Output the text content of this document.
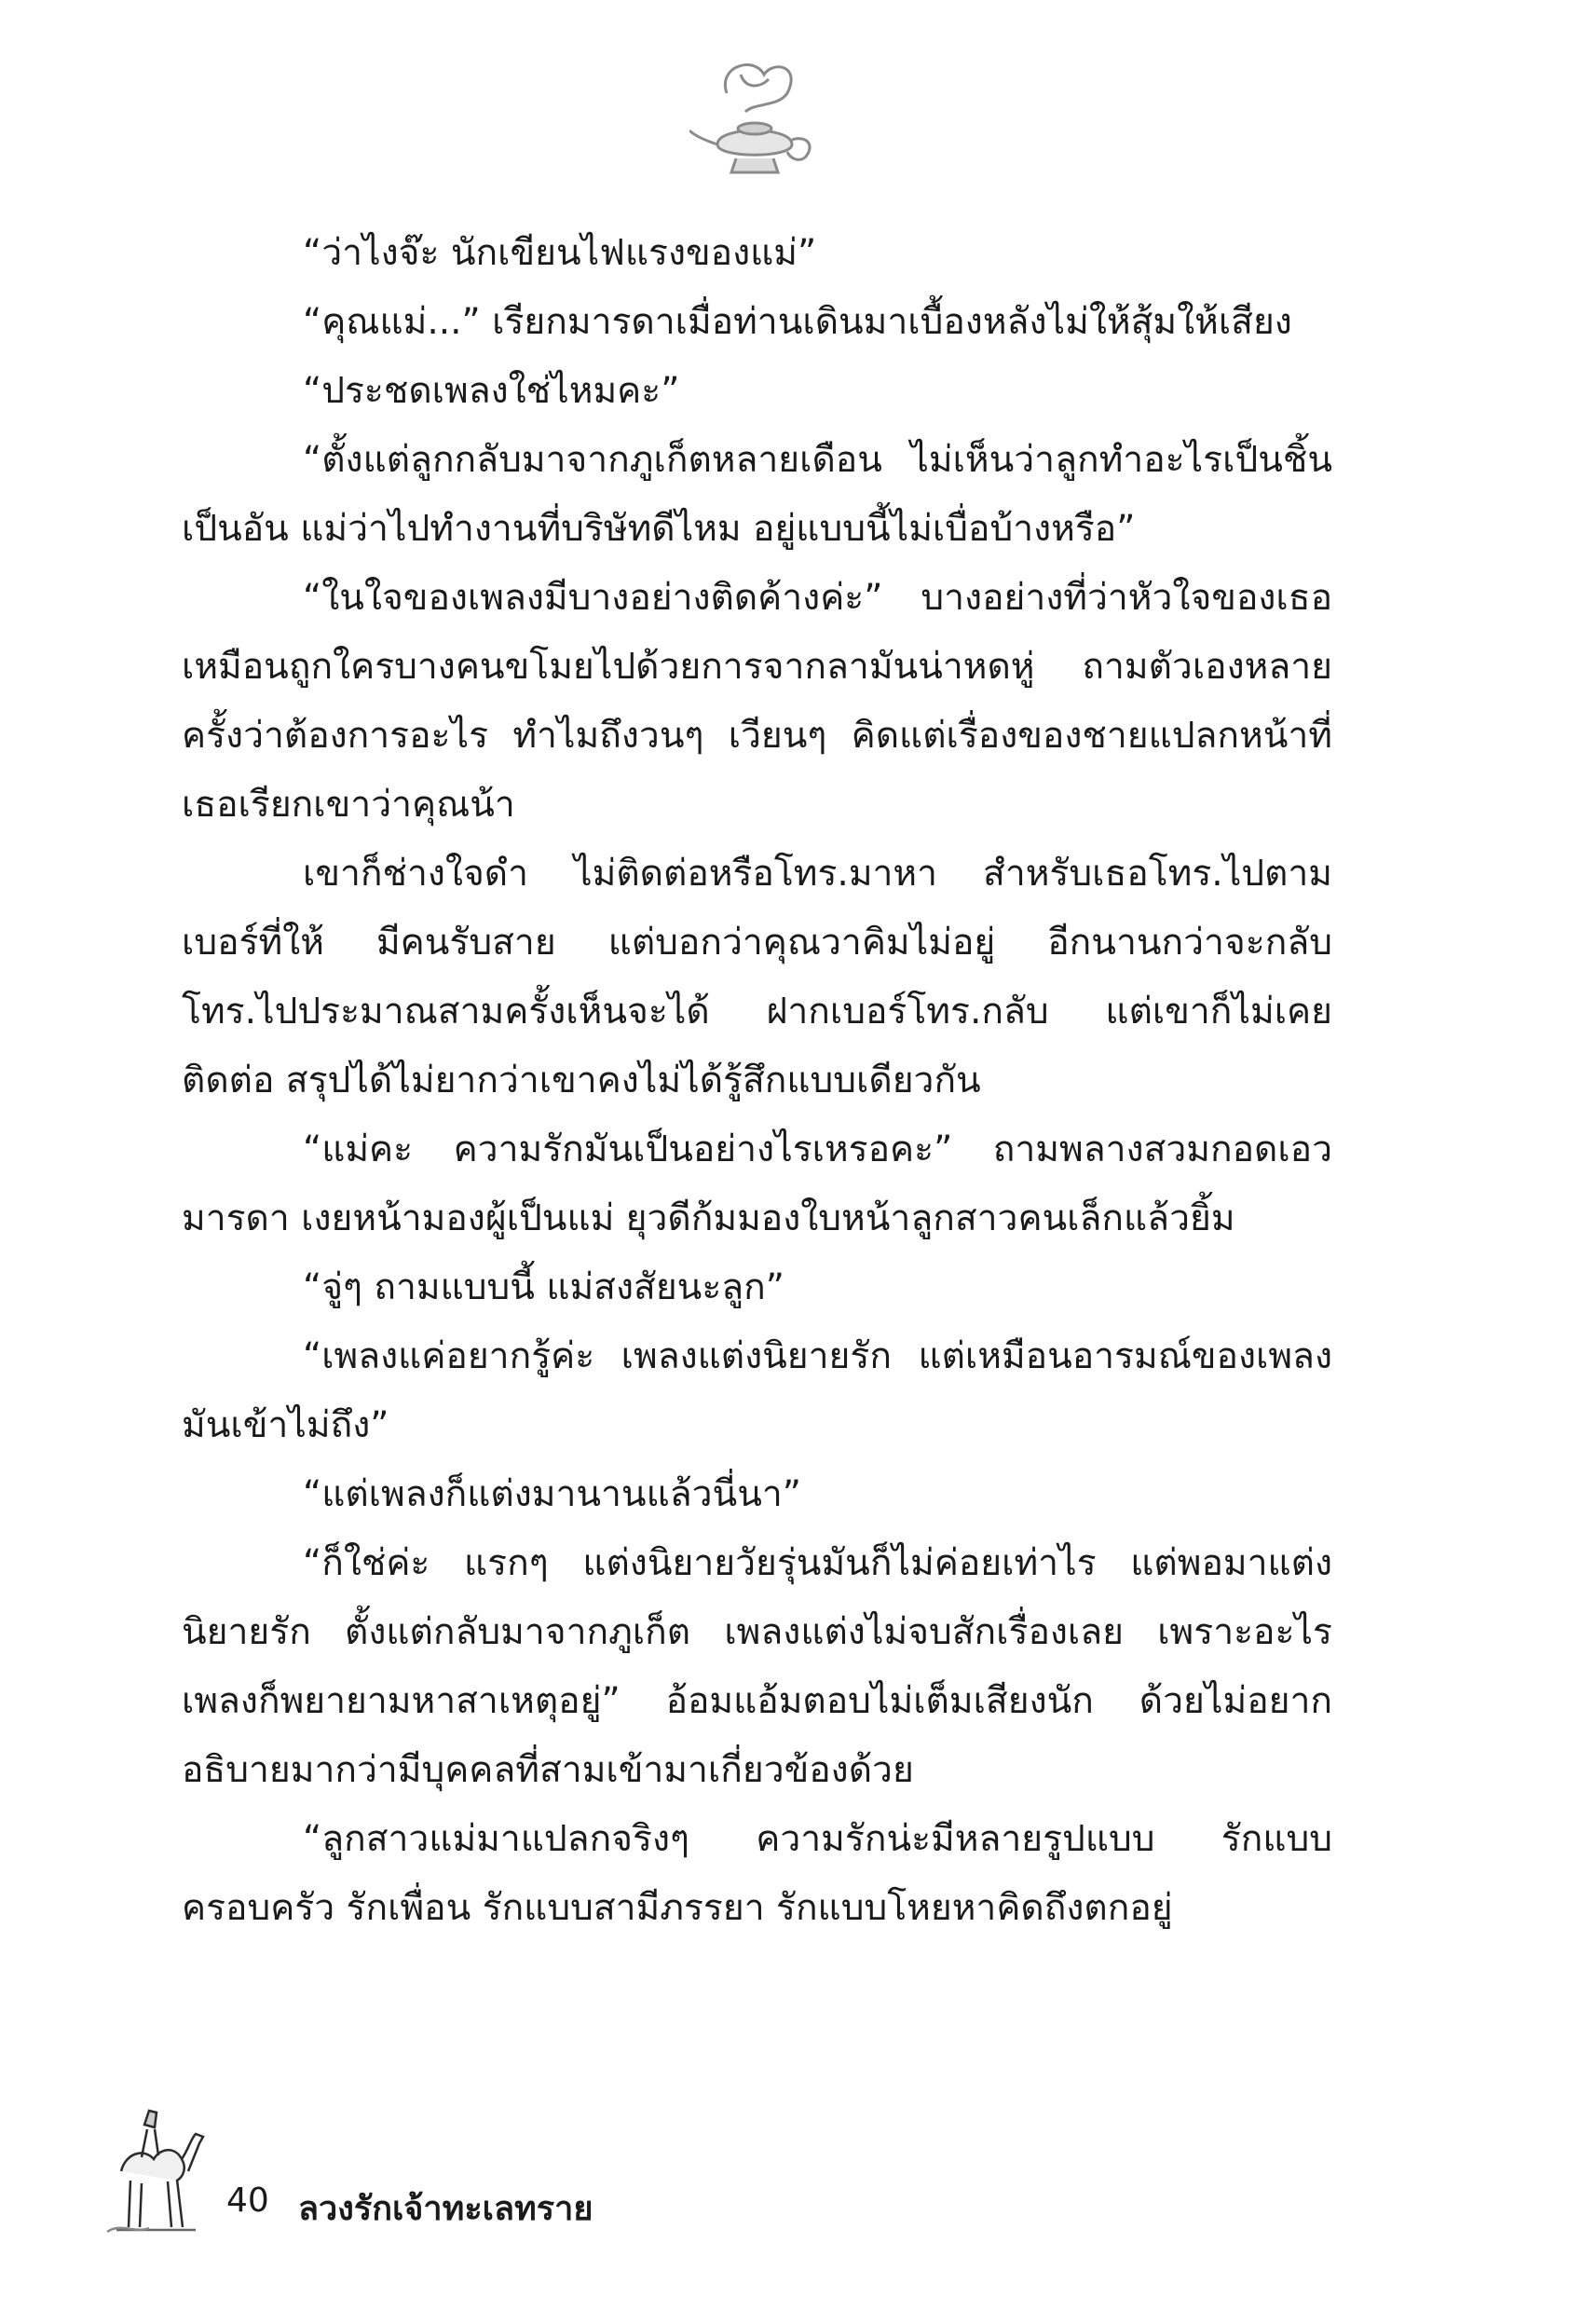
“ว่าไงจ๊ะ นักเขียนไฟแรงของแม่”

“คุณแม่...” เรียกมารดาเมื่อท่านเดินมาเบื้องหลังไม่ให้สุ้มให้เสียง

“ประชดเพลงใช่ไหมคะ”

“ตั้งแต่ลูกกลับมาจากภูเก็ตหลายเดือน ไม่เห็นว่าลูกทำอะไรเป็นชิ้นเป็นอัน แม่ว่าไปทำงานที่บริษัทดีไหม อยู่แบบนี้ไม่เบื่อบ้างหรือ”

“ในใจของเพลงมีบางอย่างติดค้างค่ะ” บางอย่างที่ว่าหัวใจของเธอเหมือนถูกใครบางคนขโมยไปด้วยการจากลามันน่าหดหู่ ถามตัวเองหลายครั้งว่าต้องการอะไร ทำไมถึงวนๆ เวียนๆ คิดแต่เรื่องของชายแปลกหน้าที่เธอเรียกเขาว่าคุณน้า

เขาก็ช่างใจดำ ไม่ติดต่อหรือโทร.มาหา สำหรับเธอโทร.ไปตามเบอร์ที่ให้ มีคนรับสาย แต่บอกว่าคุณวาคิมไม่อยู่ อีกนานกว่าจะกลับ โทร.ไปประมาณสามครั้งเห็นจะได้ ฝากเบอร์โทร.กลับ แต่เขาก็ไม่เคยติดต่อ สรุปได้ไม่ยากว่าเขาคงไม่ได้รู้สึกแบบเดียวกัน

“แม่คะ ความรักมันเป็นอย่างไรเหรอคะ” ถามพลางสวมกอดเอวมารดา เงยหน้ามองผู้เป็นแม่ ยุวดีก้มมองใบหน้าลูกสาวคนเล็กแล้วยิ้ม

“จู่ๆ ถามแบบนี้ แม่สงสัยนะลูก”

“เพลงแค่อยากรู้ค่ะ เพลงแต่งนิยายรัก แต่เหมือนอารมณ์ของเพลงมันเข้าไม่ถึง”

“แต่เพลงก็แต่งมานานแล้วนี่นา”

“ก็ใช่ค่ะ แรกๆ แต่งนิยายวัยรุ่นมันก็ไม่ค่อยเท่าไร แต่พอมาแต่งนิยายรัก ตั้งแต่กลับมาจากภูเก็ต เพลงแต่งไม่จบสักเรื่องเลย เพราะอะไรเพลงก็พยายามหาสาเหตุอยู่” อ้อมแอ้มตอบไม่เต็มเสียงนัก ด้วยไม่อยากอธิบายมากว่ามีบุคคลที่สามเข้ามาเกี่ยวข้องด้วย

“ลูกสาวแม่มาแปลกจริงๆ ความรักน่ะมีหลายรูปแบบ รักแบบครอบครัว รักเพื่อน รักแบบสามีภรรยา รักแบบโหยหาคิดถึงตกอยู่

40 ลวงรักเจ้าทะเลทราย
